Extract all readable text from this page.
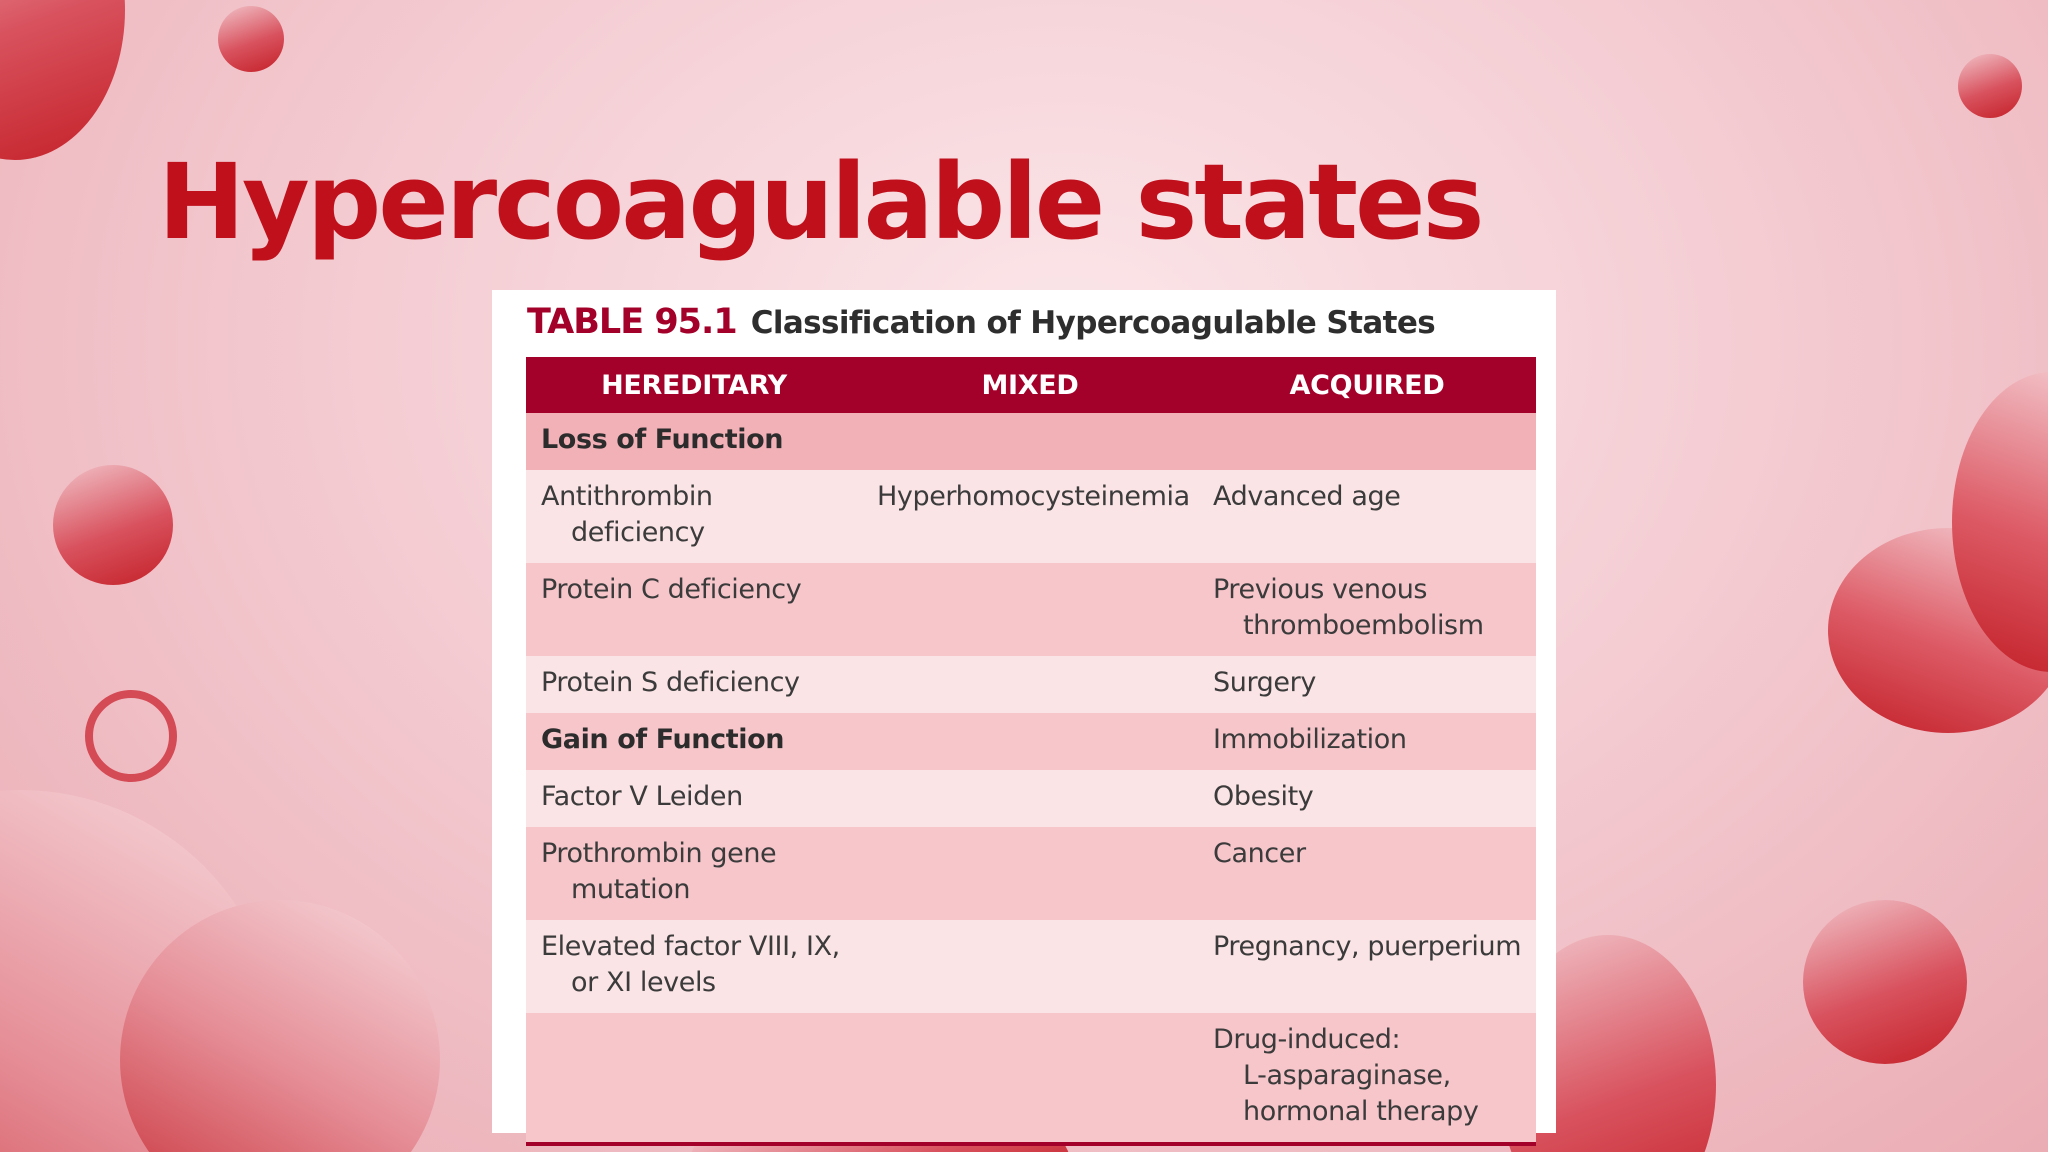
Hypercoagulable states
TABLE 95.1 Classification of Hypercoagulable States
HEREDITARY	MIXED	ACQUIRED
Loss of Function		

Antithrombin
deficiency	Hyperhomocysteinemia	Advanced age

Protein C deficiency		Previous venous
thromboembolism

Protein S deficiency		Surgery

Gain of Function		Immobilization

Factor V Leiden		Obesity

Prothrombin gene
mutation		Cancer

Elevated factor VIII, IX,
or XI levels		Pregnancy, puerperium

		Drug-induced:
L-asparaginase,
hormonal therapy
